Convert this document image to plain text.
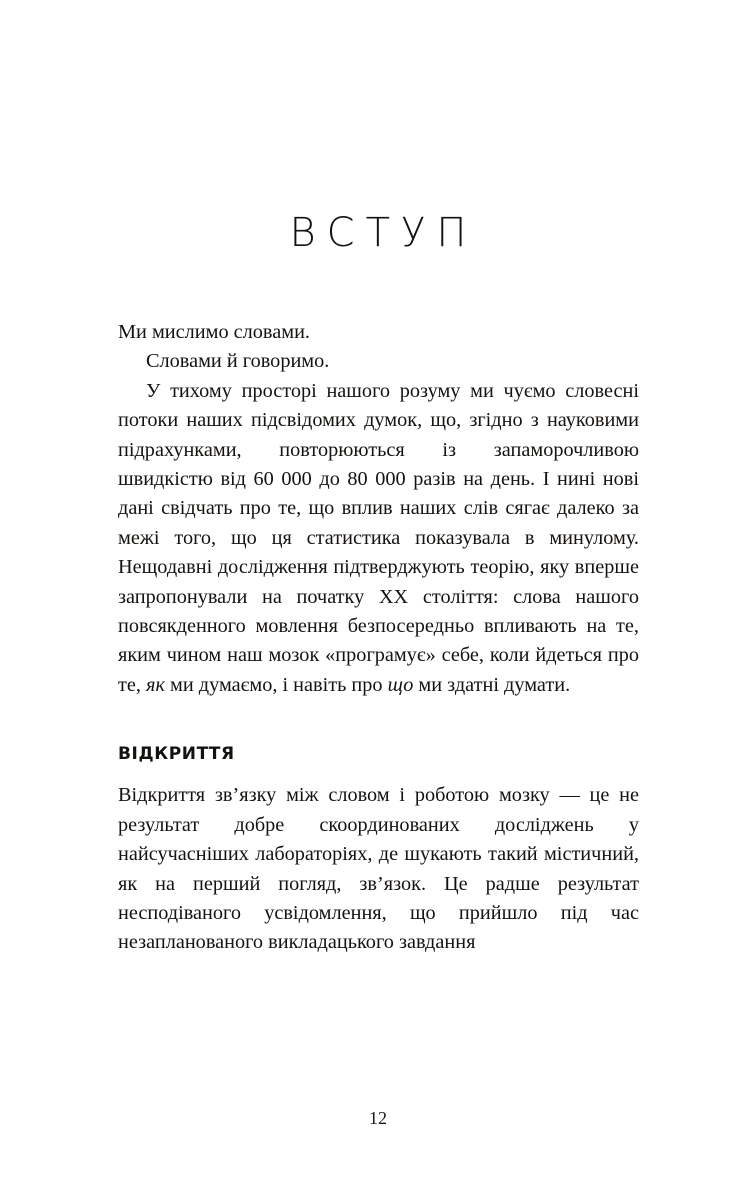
ВСТУП

Ми мислимо словами.

Словами й говоримо.

У тихому просторі нашого розуму ми чуємо словесні потоки наших підсвідомих думок, що, згідно з науковими підрахунками, повторюються із запаморочливою швидкістю від 60 000 до 80 000 разів на день. І нині нові дані свідчать про те, що вплив наших слів сягає далеко за межі того, що ця статистика показувала в минулому. Нещодавні дослідження підтверджують теорію, яку вперше запропонували на початку ХХ століття: слова нашого повсякденного мовлення безпосередньо впливають на те, яким чином наш мозок «програмує» себе, коли йдеться про те, як ми думаємо, і навіть про що ми здатні думати.

ВІДКРИТТЯ

Відкриття зв’язку між словом і роботою мозку — це не результат добре скоординованих досліджень у найсучасніших лабораторіях, де шукають такий містичний, як на перший погляд, зв’язок. Це радше результат несподіваного усвідомлення, що прийшло під час незапланованого викладацького завдання

12
